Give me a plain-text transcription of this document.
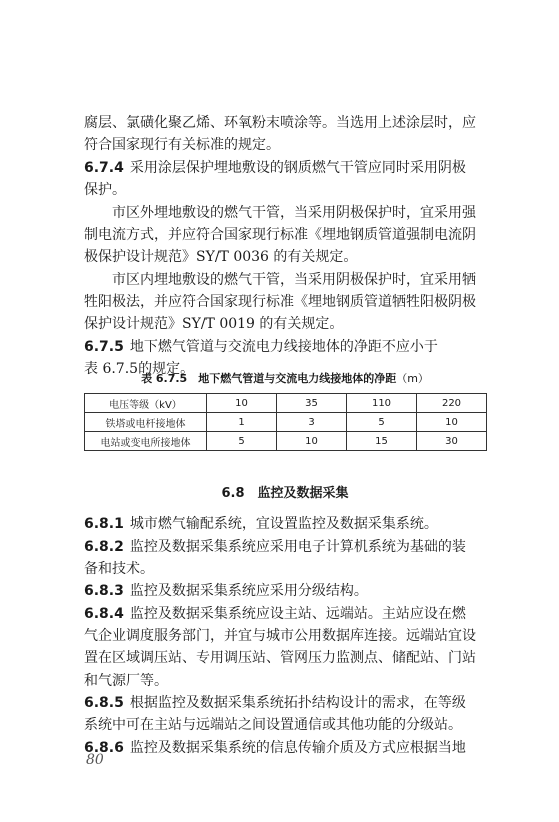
腐层、氯磺化聚乙烯、环氧粉末喷涂等。当选用上述涂层时，应
符合国家现行有关标准的规定。
6.7.4 采用涂层保护埋地敷设的钢质燃气干管应同时采用阴极
保护。
市区外埋地敷设的燃气干管，当采用阴极保护时，宜采用强
制电流方式，并应符合国家现行标准《埋地钢质管道强制电流阴
极保护设计规范》SY/T 0036 的有关规定。
市区内埋地敷设的燃气干管，当采用阴极保护时，宜采用牺
牲阳极法，并应符合国家现行标准《埋地钢质管道牺牲阳极阴极
保护设计规范》SY/T 0019 的有关规定。
6.7.5 地下燃气管道与交流电力线接地体的净距不应小于
表 6.7.5的规定。
表 6.7.5　地下燃气管道与交流电力线接地体的净距（m）
电压等级（kV）	10	35	110	220
铁塔或电杆接地体	1	3	5	10
电站或变电所接地体	5	10	15	30
6.8　监控及数据采集
6.8.1 城市燃气输配系统，宜设置监控及数据采集系统。
6.8.2 监控及数据采集系统应采用电子计算机系统为基础的装
备和技术。
6.8.3 监控及数据采集系统应采用分级结构。
6.8.4 监控及数据采集系统应设主站、远端站。主站应设在燃
气企业调度服务部门，并宜与城市公用数据库连接。远端站宜设
置在区域调压站、专用调压站、管网压力监测点、储配站、门站
和气源厂等。
6.8.5 根据监控及数据采集系统拓扑结构设计的需求，在等级
系统中可在主站与远端站之间设置通信或其他功能的分级站。
6.8.6 监控及数据采集系统的信息传输介质及方式应根据当地
80
